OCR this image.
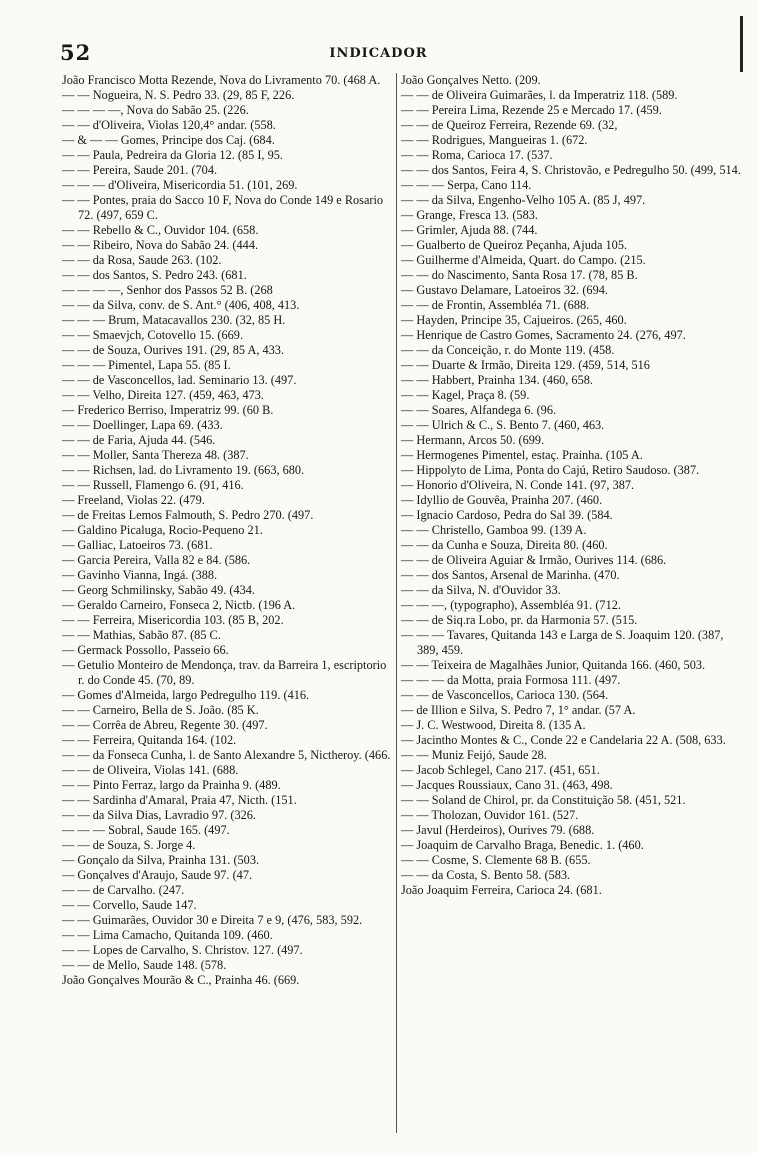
52	INDICADOR
João Francisco Motta Rezende, Nova do Livramento 70. (468 A.
— — Nogueira, N. S. Pedro 33. (29, 85 F, 226.
— — — —, Nova do Sabão 25. (226.
— — d'Oliveira, Violas 120,4° andar. (558.
— & — — Gomes, Principe dos Caj. (684.
— — Paula, Pedreira da Gloria 12. (85 I, 95.
— — Pereira, Saude 201. (704.
— — — d'Oliveira, Misericordia 51. (101, 269.
— — Pontes, praia do Sacco 10 F, Nova do Conde 149 e Rosario 72. (497, 659 C.
— — Rebello & C., Ouvidor 104. (658.
— — Ribeiro, Nova do Sabão 24. (444.
— — da Rosa, Saude 263. (102.
— — dos Santos, S. Pedro 243. (681.
— — — —, Senhor dos Passos 52 B. (268
— — da Silva, conv. de S. Ant.° (406, 408, 413.
— — — Brum, Matacavallos 230. (32, 85 H.
— — Smaevjch, Cotovello 15. (669.
— — de Souza, Ourives 191. (29, 85 A, 433.
— — — Pimentel, Lapa 55. (85 I.
— — de Vasconcellos, lad. Seminario 13. (497.
— — Velho, Direita 127. (459, 463, 473.
— Frederico Berriso, Imperatriz 99. (60 B.
— — Doellinger, Lapa 69. (433.
— — de Faria, Ajuda 44. (546.
— — Moller, Santa Thereza 48. (387.
— — Richsen, lad. do Livramento 19. (663, 680.
— — Russell, Flamengo 6. (91, 416.
— Freeland, Violas 22. (479.
— de Freitas Lemos Falmouth, S. Pedro 270. (497.
— Galdino Picaluga, Rocio-Pequeno 21.
— Galliac, Latoeiros 73. (681.
— Garcia Pereira, Valla 82 e 84. (586.
— Gavinho Vianna, Ingá. (388.
— Georg Schmilinsky, Sabão 49. (434.
— Geraldo Carneiro, Fonseca 2, Nictb. (196 A.
— — Ferreira, Misericordia 103. (85 B, 202.
— — Mathias, Sabão 87. (85 C.
— Germack Possollo, Passeio 66.
— Getulio Monteiro de Mendonça, trav. da Barreira 1, escriptorio r. do Conde 45. (70, 89.
— Gomes d'Almeida, largo Pedregulho 119. (416.
— — Carneiro, Bella de S. João. (85 K.
— — Corrêa de Abreu, Regente 30. (497.
— — Ferreira, Quitanda 164. (102.
— — da Fonseca Cunha, l. de Santo Alexandre 5, Nictheroy. (466.
— — de Oliveira, Violas 141. (688.
— — Pinto Ferraz, largo da Prainha 9. (489.
— — Sardinha d'Amaral, Praia 47, Nicth. (151.
— — da Silva Dias, Lavradio 97. (326.
— — — Sobral, Saude 165. (497.
— — de Souza, S. Jorge 4.
— Gonçalo da Silva, Prainha 131. (503.
— Gonçalves d'Araujo, Saude 97. (47.
— — de Carvalho. (247.
— — Corvello, Saude 147.
— — Guimarães, Ouvidor 30 e Direita 7 e 9, (476, 583, 592.
— — Lima Camacho, Quitanda 109. (460.
— — Lopes de Carvalho, S. Christov. 127. (497.
— — de Mello, Saude 148. (578.
João Gonçalves Mourão & C., Prainha 46. (669.
João Gonçalves Netto. (209.
— — de Oliveira Guimarães, l. da Imperatriz 118. (589.
— — Pereira Lima, Rezende 25 e Mercado 17. (459.
— — de Queiroz Ferreira, Rezende 69. (32,
— — Rodrigues, Mangueiras 1. (672.
— — Roma, Carioca 17. (537.
— — dos Santos, Feira 4, S. Christovão, e Pedregulho 50. (499, 514.
— — — Serpa, Cano 114.
— — da Silva, Engenho-Velho 105 A. (85 J, 497.
— Grange, Fresca 13. (583.
— Grimler, Ajuda 88. (744.
— Gualberto de Queiroz Peçanha, Ajuda 105.
— Guilherme d'Almeida, Quart. do Campo. (215.
— — do Nascimento, Santa Rosa 17. (78, 85 B.
— Gustavo Delamare, Latoeiros 32. (694.
— — de Frontin, Assembléa 71. (688.
— Hayden, Principe 35, Cajueiros. (265, 460.
— Henrique de Castro Gomes, Sacramento 24. (276, 497.
— — da Conceição, r. do Monte 119. (458.
— — Duarte & Irmão, Direita 129. (459, 514, 516
— — Habbert, Prainha 134. (460, 658.
— — Kagel, Praça 8. (59.
— — Soares, Alfandega 6. (96.
— — Ulrich & C., S. Bento 7. (460, 463.
— Hermann, Arcos 50. (699.
— Hermogenes Pimentel, estaç. Prainha. (105 A.
— Hippolyto de Lima, Ponta do Cajú, Retiro Saudoso. (387.
— Honorio d'Oliveira, N. Conde 141. (97, 387.
— Idyllio de Gouvêa, Prainha 207. (460.
— Ignacio Cardoso, Pedra do Sal 39. (584.
— — Christello, Gamboa 99. (139 A.
— — da Cunha e Souza, Direita 80. (460.
— — de Oliveira Aguiar & Irmão, Ourives 114. (686.
— — dos Santos, Arsenal de Marinha. (470.
— — da Silva, N. d'Ouvidor 33.
— — —, (typographo), Assembléa 91. (712.
— — de Siq.ra Lobo, pr. da Harmonia 57. (515.
— — — Tavares, Quitanda 143 e Larga de S. Joaquim 120. (387, 389, 459.
— — Teixeira de Magalhães Junior, Quitanda 166. (460, 503.
— — — da Motta, praia Formosa 111. (497.
— — de Vasconcellos, Carioca 130. (564.
— de Illion e Silva, S. Pedro 7, 1° andar. (57 A.
— J. C. Westwood, Direita 8. (135 A.
— Jacintho Montes & C., Conde 22 e Candelaria 22 A. (508, 633.
— — Muniz Feijó, Saude 28.
— Jacob Schlegel, Cano 217. (451, 651.
— Jacques Roussiaux, Cano 31. (463, 498.
— — Soland de Chirol, pr. da Constituição 58. (451, 521.
— — Tholozan, Ouvidor 161. (527.
— Javul (Herdeiros), Ourives 79. (688.
— Joaquim de Carvalho Braga, Benedic. 1. (460.
— — Cosme, S. Clemente 68 B. (655.
— — da Costa, S. Bento 58. (583.
João Joaquim Ferreira, Carioca 24. (681.
